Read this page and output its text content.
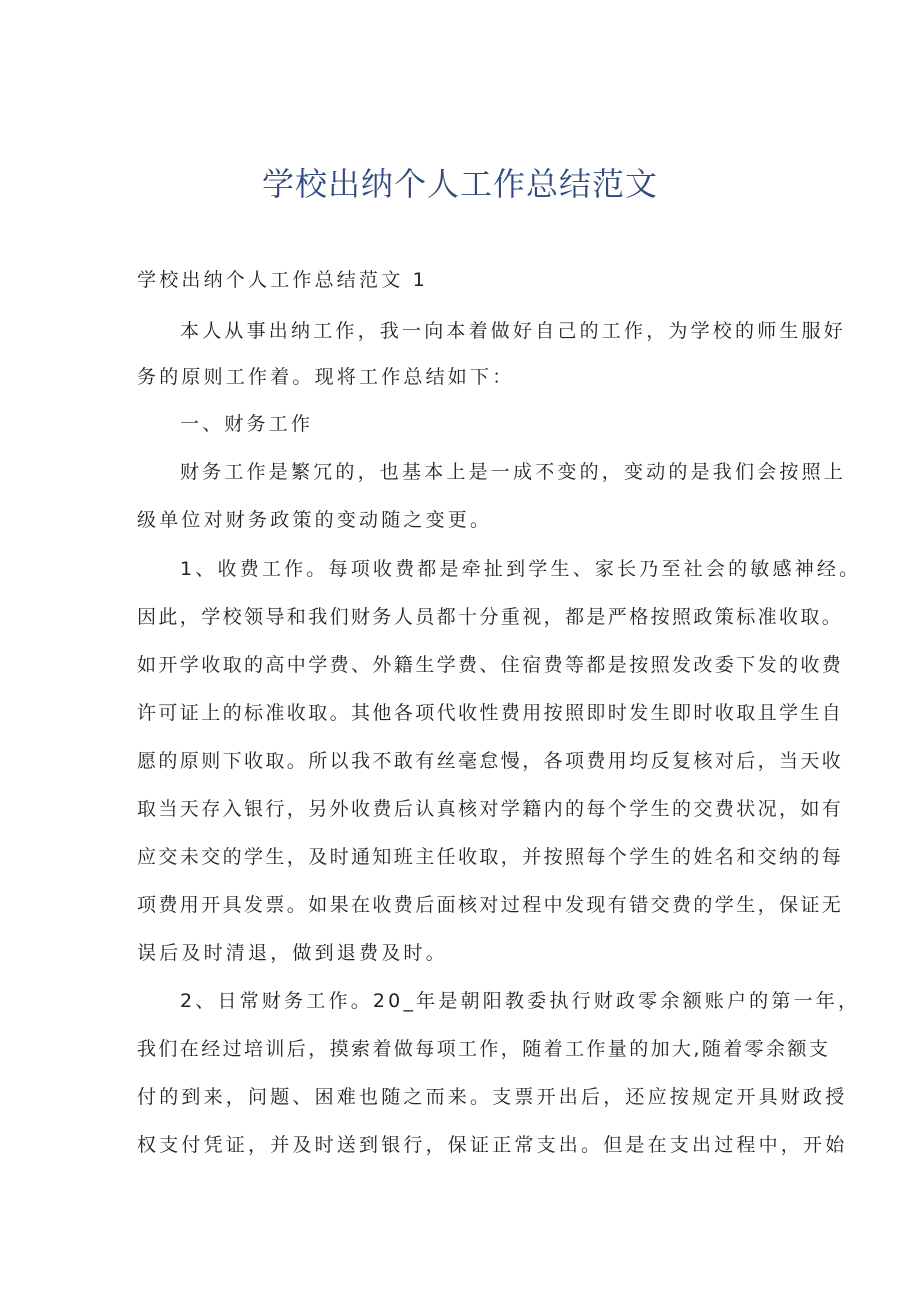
学校出纳个人工作总结范文
学校出纳个人工作总结范文 1
本人从事出纳工作，我一向本着做好自己的工作，为学校的师生服好
务的原则工作着。现将工作总结如下：
一、财务工作
财务工作是繁冗的，也基本上是一成不变的，变动的是我们会按照上
级单位对财务政策的变动随之变更。
1、收费工作。每项收费都是牵扯到学生、家长乃至社会的敏感神经。
因此，学校领导和我们财务人员都十分重视，都是严格按照政策标准收取。
如开学收取的高中学费、外籍生学费、住宿费等都是按照发改委下发的收费
许可证上的标准收取。其他各项代收性费用按照即时发生即时收取且学生自
愿的原则下收取。所以我不敢有丝毫怠慢，各项费用均反复核对后，当天收
取当天存入银行，另外收费后认真核对学籍内的每个学生的交费状况，如有
应交未交的学生，及时通知班主任收取，并按照每个学生的姓名和交纳的每
项费用开具发票。如果在收费后面核对过程中发现有错交费的学生，保证无
误后及时清退，做到退费及时。
2、日常财务工作。20_年是朝阳教委执行财政零余额账户的第一年，
我们在经过培训后，摸索着做每项工作，随着工作量的加大,随着零余额支
付的到来，问题、困难也随之而来。支票开出后，还应按规定开具财政授
权支付凭证，并及时送到银行，保证正常支出。但是在支出过程中，开始
